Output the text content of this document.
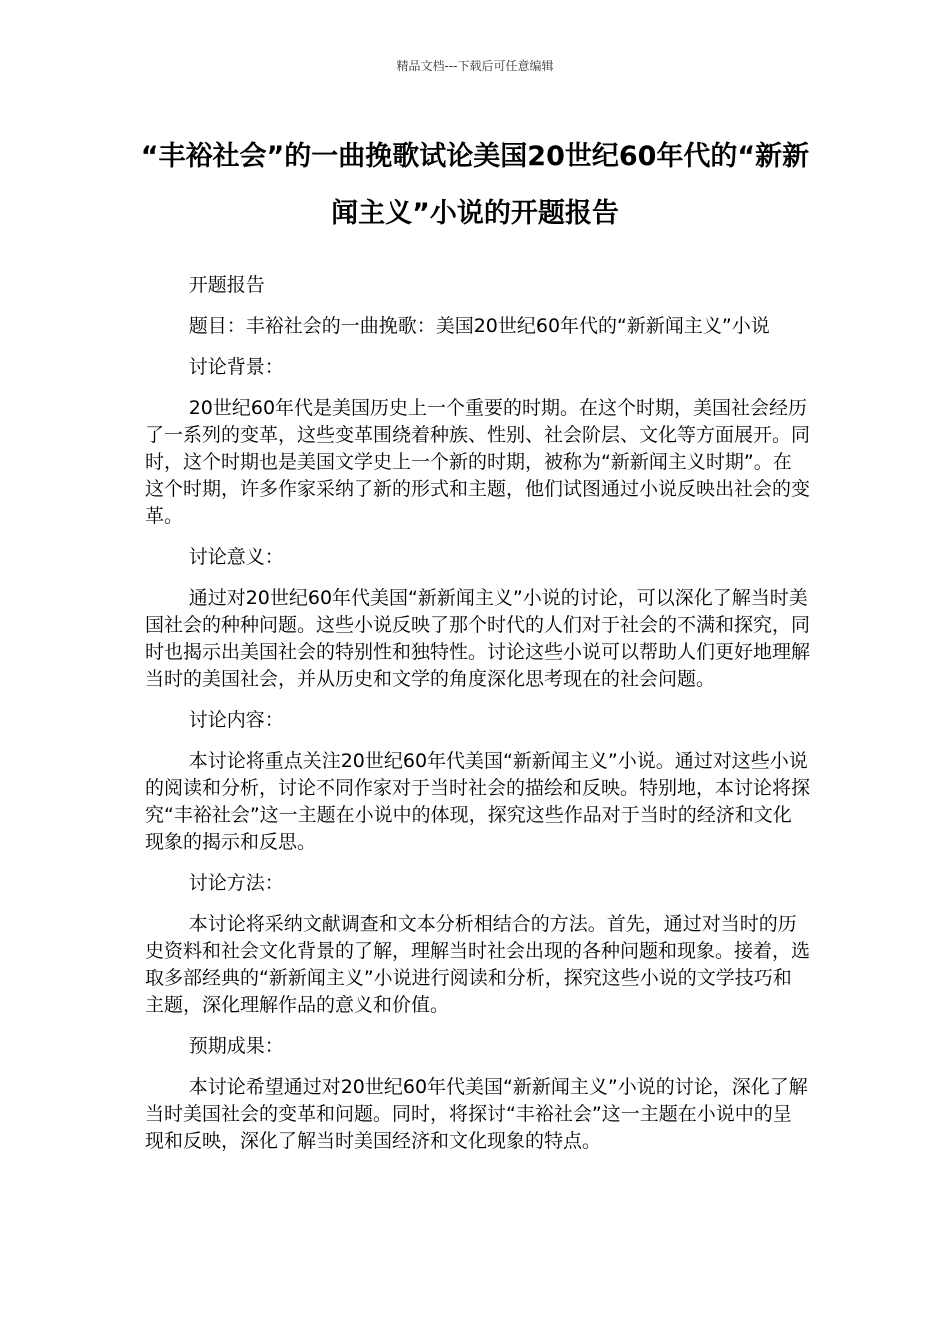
精品文档---下载后可任意编辑
“丰裕社会”的一曲挽歌试论美国20世纪60年代的“新新闻主义”小说的开题报告

开题报告

题目：丰裕社会的一曲挽歌：美国20世纪60年代的“新新闻主义”小说

讨论背景：

20世纪60年代是美国历史上一个重要的时期。在这个时期，美国社会经历了一系列的变革，这些变革围绕着种族、性别、社会阶层、文化等方面展开。同时，这个时期也是美国文学史上一个新的时期，被称为“新新闻主义时期”。在这个时期，许多作家采纳了新的形式和主题，他们试图通过小说反映出社会的变革。

讨论意义：

通过对20世纪60年代美国“新新闻主义”小说的讨论，可以深化了解当时美国社会的种种问题。这些小说反映了那个时代的人们对于社会的不满和探究，同时也揭示出美国社会的特别性和独特性。讨论这些小说可以帮助人们更好地理解当时的美国社会，并从历史和文学的角度深化思考现在的社会问题。

讨论内容：

本讨论将重点关注20世纪60年代美国“新新闻主义”小说。通过对这些小说的阅读和分析，讨论不同作家对于当时社会的描绘和反映。特别地，本讨论将探究“丰裕社会”这一主题在小说中的体现，探究这些作品对于当时的经济和文化现象的揭示和反思。

讨论方法：

本讨论将采纳文献调查和文本分析相结合的方法。首先，通过对当时的历史资料和社会文化背景的了解，理解当时社会出现的各种问题和现象。接着，选取多部经典的“新新闻主义”小说进行阅读和分析，探究这些小说的文学技巧和主题，深化理解作品的意义和价值。

预期成果：

本讨论希望通过对20世纪60年代美国“新新闻主义”小说的讨论，深化了解当时美国社会的变革和问题。同时，将探讨“丰裕社会”这一主题在小说中的呈现和反映，深化了解当时美国经济和文化现象的特点。
